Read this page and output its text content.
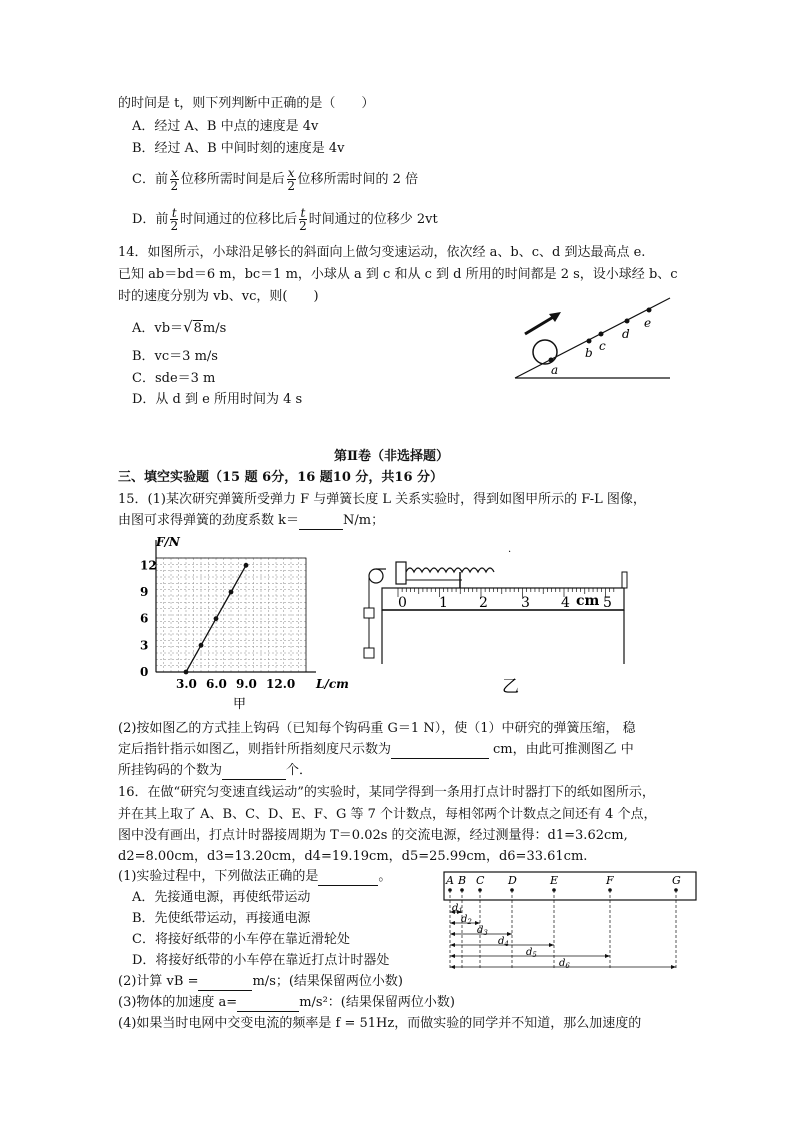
的时间是 t，则下列判断中正确的是（　　）
A．经过 A、B 中点的速度是 4v
B．经过 A、B 中间时刻的速度是 4v
C．前 $\frac{x}{2}$ 位移所需时间是后 $\frac{x}{2}$ 位移所需时间的 2 倍
D．前 $\frac{t}{2}$ 时间通过的位移比后 $\frac{t}{2}$ 时间通过的位移少 2vt
14．如图所示，小球沿足够长的斜面向上做匀变速运动，依次经 a、b、c、d 到达最高点 e.
已知 ab＝bd＝6 m，bc＝1 m，小球从 a 到 c 和从 c 到 d 所用的时间都是 2 s，设小球经 b、c
时的速度分别为 vb、vc，则(　　)
A．vb＝√8m/s
B．vc＝3 m/s
C．sde＝3 m
D．从 d 到 e 所用时间为 4 s
a
b c
d
e
第Ⅱ卷（非选择题）
三、填空实验题（15 题 6分，16 题10 分，共16 分）
15．(1)某次研究弹簧所受弹力 F 与弹簧长度 L 关系实验时，得到如图甲所示的 F-L 图像，
由图可求得弹簧的劲度系数 k＝	N/m；
3.0 6.0 9.0 12.0
0
3
6
9
12
F/N
L/cm
甲
.
0 1 2 3 4 5
cm
乙
(2)按如图乙的方式挂上钩码（已知每个钩码重 G＝1 N），使（1）中研究的弹簧压缩， 稳
定后指针指示如图乙，则指针所指刻度尺示数为	cm，由此可推测图乙 中
所挂钩码的个数为	个．
16．在做“研究匀变速直线运动”的实验时，某同学得到一条用打点计时器打下的纸如图所示，
并在其上取了 A、B、C、D、E、F、G 等 7 个计数点，每相邻两个计数点之间还有 4 个点，
图中没有画出，打点计时器接周期为 T＝0.02s 的交流电源，经过测量得：d1=3.62cm,
d2=8.00cm，d3=13.20cm，d4=19.19cm，d5=25.99cm，d6=33.61cm.
(1)实验过程中，下列做法正确的是	。
A．先接通电源，再使纸带运动
B．先使纸带运动，再接通电源
C．将接好纸带的小车停在靠近滑轮处
D．将接好纸带的小车停在靠近打点计时器处
(2)计算 vB =	m/s；(结果保留两位小数)
(3)物体的加速度 a=	m/s²：(结果保留两位小数)
(4)如果当时电网中交变电流的频率是 f = 51Hz，而做实验的同学并不知道，那么加速度的
A B C D	E	F	G
$d_1$
$d_2$
$d_3$
$d_4$
$d_5$
$d_6$
